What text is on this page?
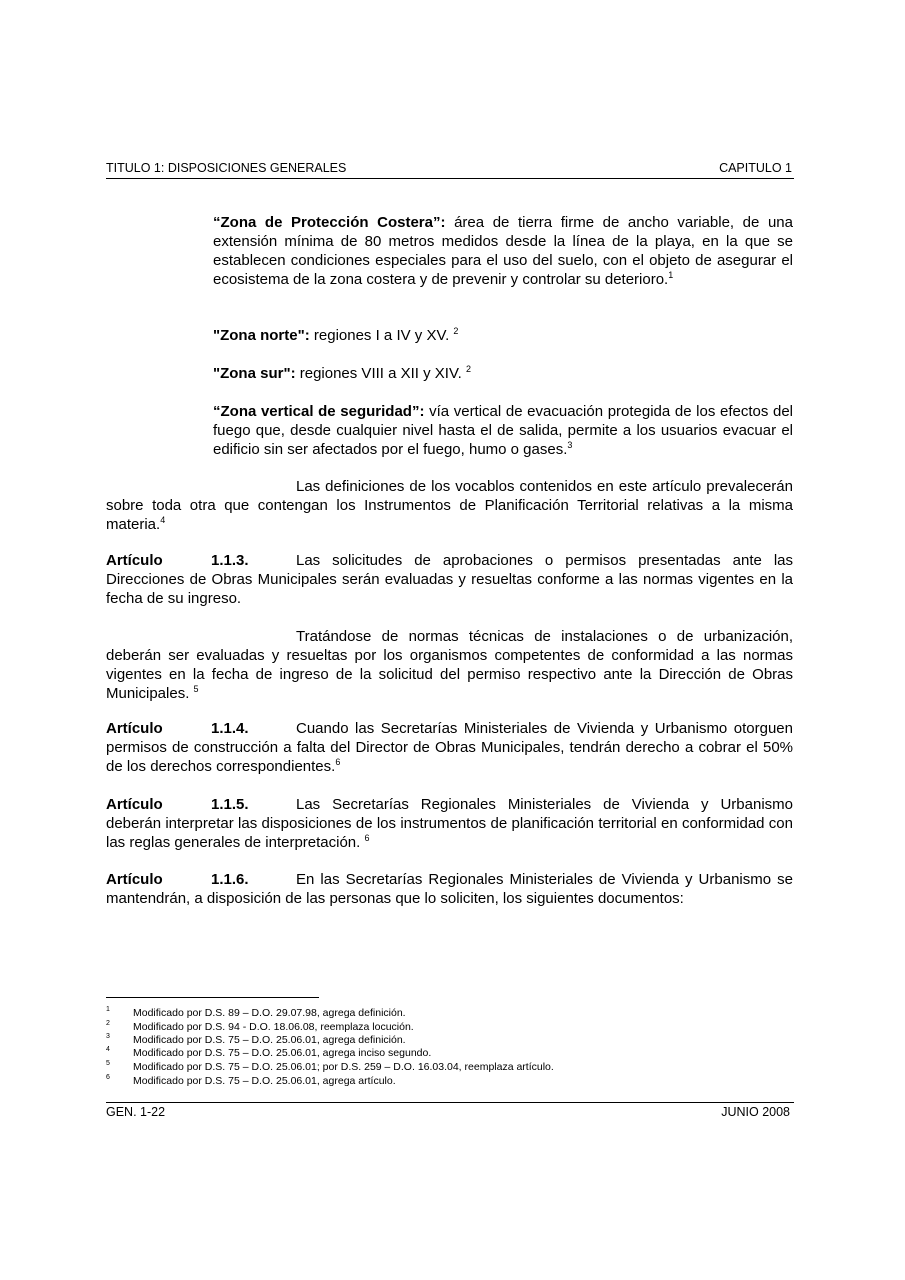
TITULO 1: DISPOSICIONES GENERALES	CAPITULO 1
“Zona de Protección Costera”: área de tierra firme de ancho variable, de una extensión mínima de 80 metros medidos desde la línea de la playa, en la que se establecen condiciones especiales para el uso del suelo, con el objeto de asegurar el ecosistema de la zona costera y de prevenir y controlar su deterioro.$^1$
"Zona norte": regiones I a IV y XV. $^2$
"Zona sur": regiones VIII a XII y XIV. $^2$
“Zona vertical de seguridad”: vía vertical de evacuación protegida de los efectos del fuego que, desde cualquier nivel hasta el de salida, permite a los usuarios evacuar el edificio sin ser afectados por el fuego, humo o gases.$^3$
Las definiciones de los vocablos contenidos en este artículo prevalecerán sobre toda otra que contengan los Instrumentos de Planificación Territorial relativas a la misma materia.$^4$
Artículo	1.1.3.	Las solicitudes de aprobaciones o permisos presentadas ante las Direcciones de Obras Municipales serán evaluadas y resueltas conforme a las normas vigentes en la fecha de su ingreso.
Tratándose de normas técnicas de instalaciones o de urbanización, deberán ser evaluadas y resueltas por los organismos competentes de conformidad a las normas vigentes en la fecha de ingreso de la solicitud del permiso respectivo ante la Dirección de Obras Municipales. $^5$
Artículo	1.1.4.	Cuando las Secretarías Ministeriales de Vivienda y Urbanismo otorguen permisos de construcción a falta del Director de Obras Municipales, tendrán derecho a cobrar el 50% de los derechos correspondientes.$^6$
Artículo	1.1.5.	Las Secretarías Regionales Ministeriales de Vivienda y Urbanismo deberán interpretar las disposiciones de los instrumentos de planificación territorial en conformidad con las reglas generales de interpretación. $^6$
Artículo	1.1.6.	En las Secretarías Regionales Ministeriales de Vivienda y Urbanismo se mantendrán, a disposición de las personas que lo soliciten, los siguientes documentos:
1 Modificado por D.S. 89 – D.O. 29.07.98, agrega definición.
2 Modificado por D.S. 94 - D.O. 18.06.08, reemplaza locución.
3 Modificado por D.S. 75 – D.O. 25.06.01, agrega definición.
4 Modificado por D.S. 75 – D.O. 25.06.01, agrega inciso segundo.
5 Modificado por D.S. 75 – D.O. 25.06.01; por D.S. 259 – D.O. 16.03.04, reemplaza artículo.
6 Modificado por D.S. 75 – D.O. 25.06.01, agrega artículo.
GEN. 1-22	JUNIO 2008
